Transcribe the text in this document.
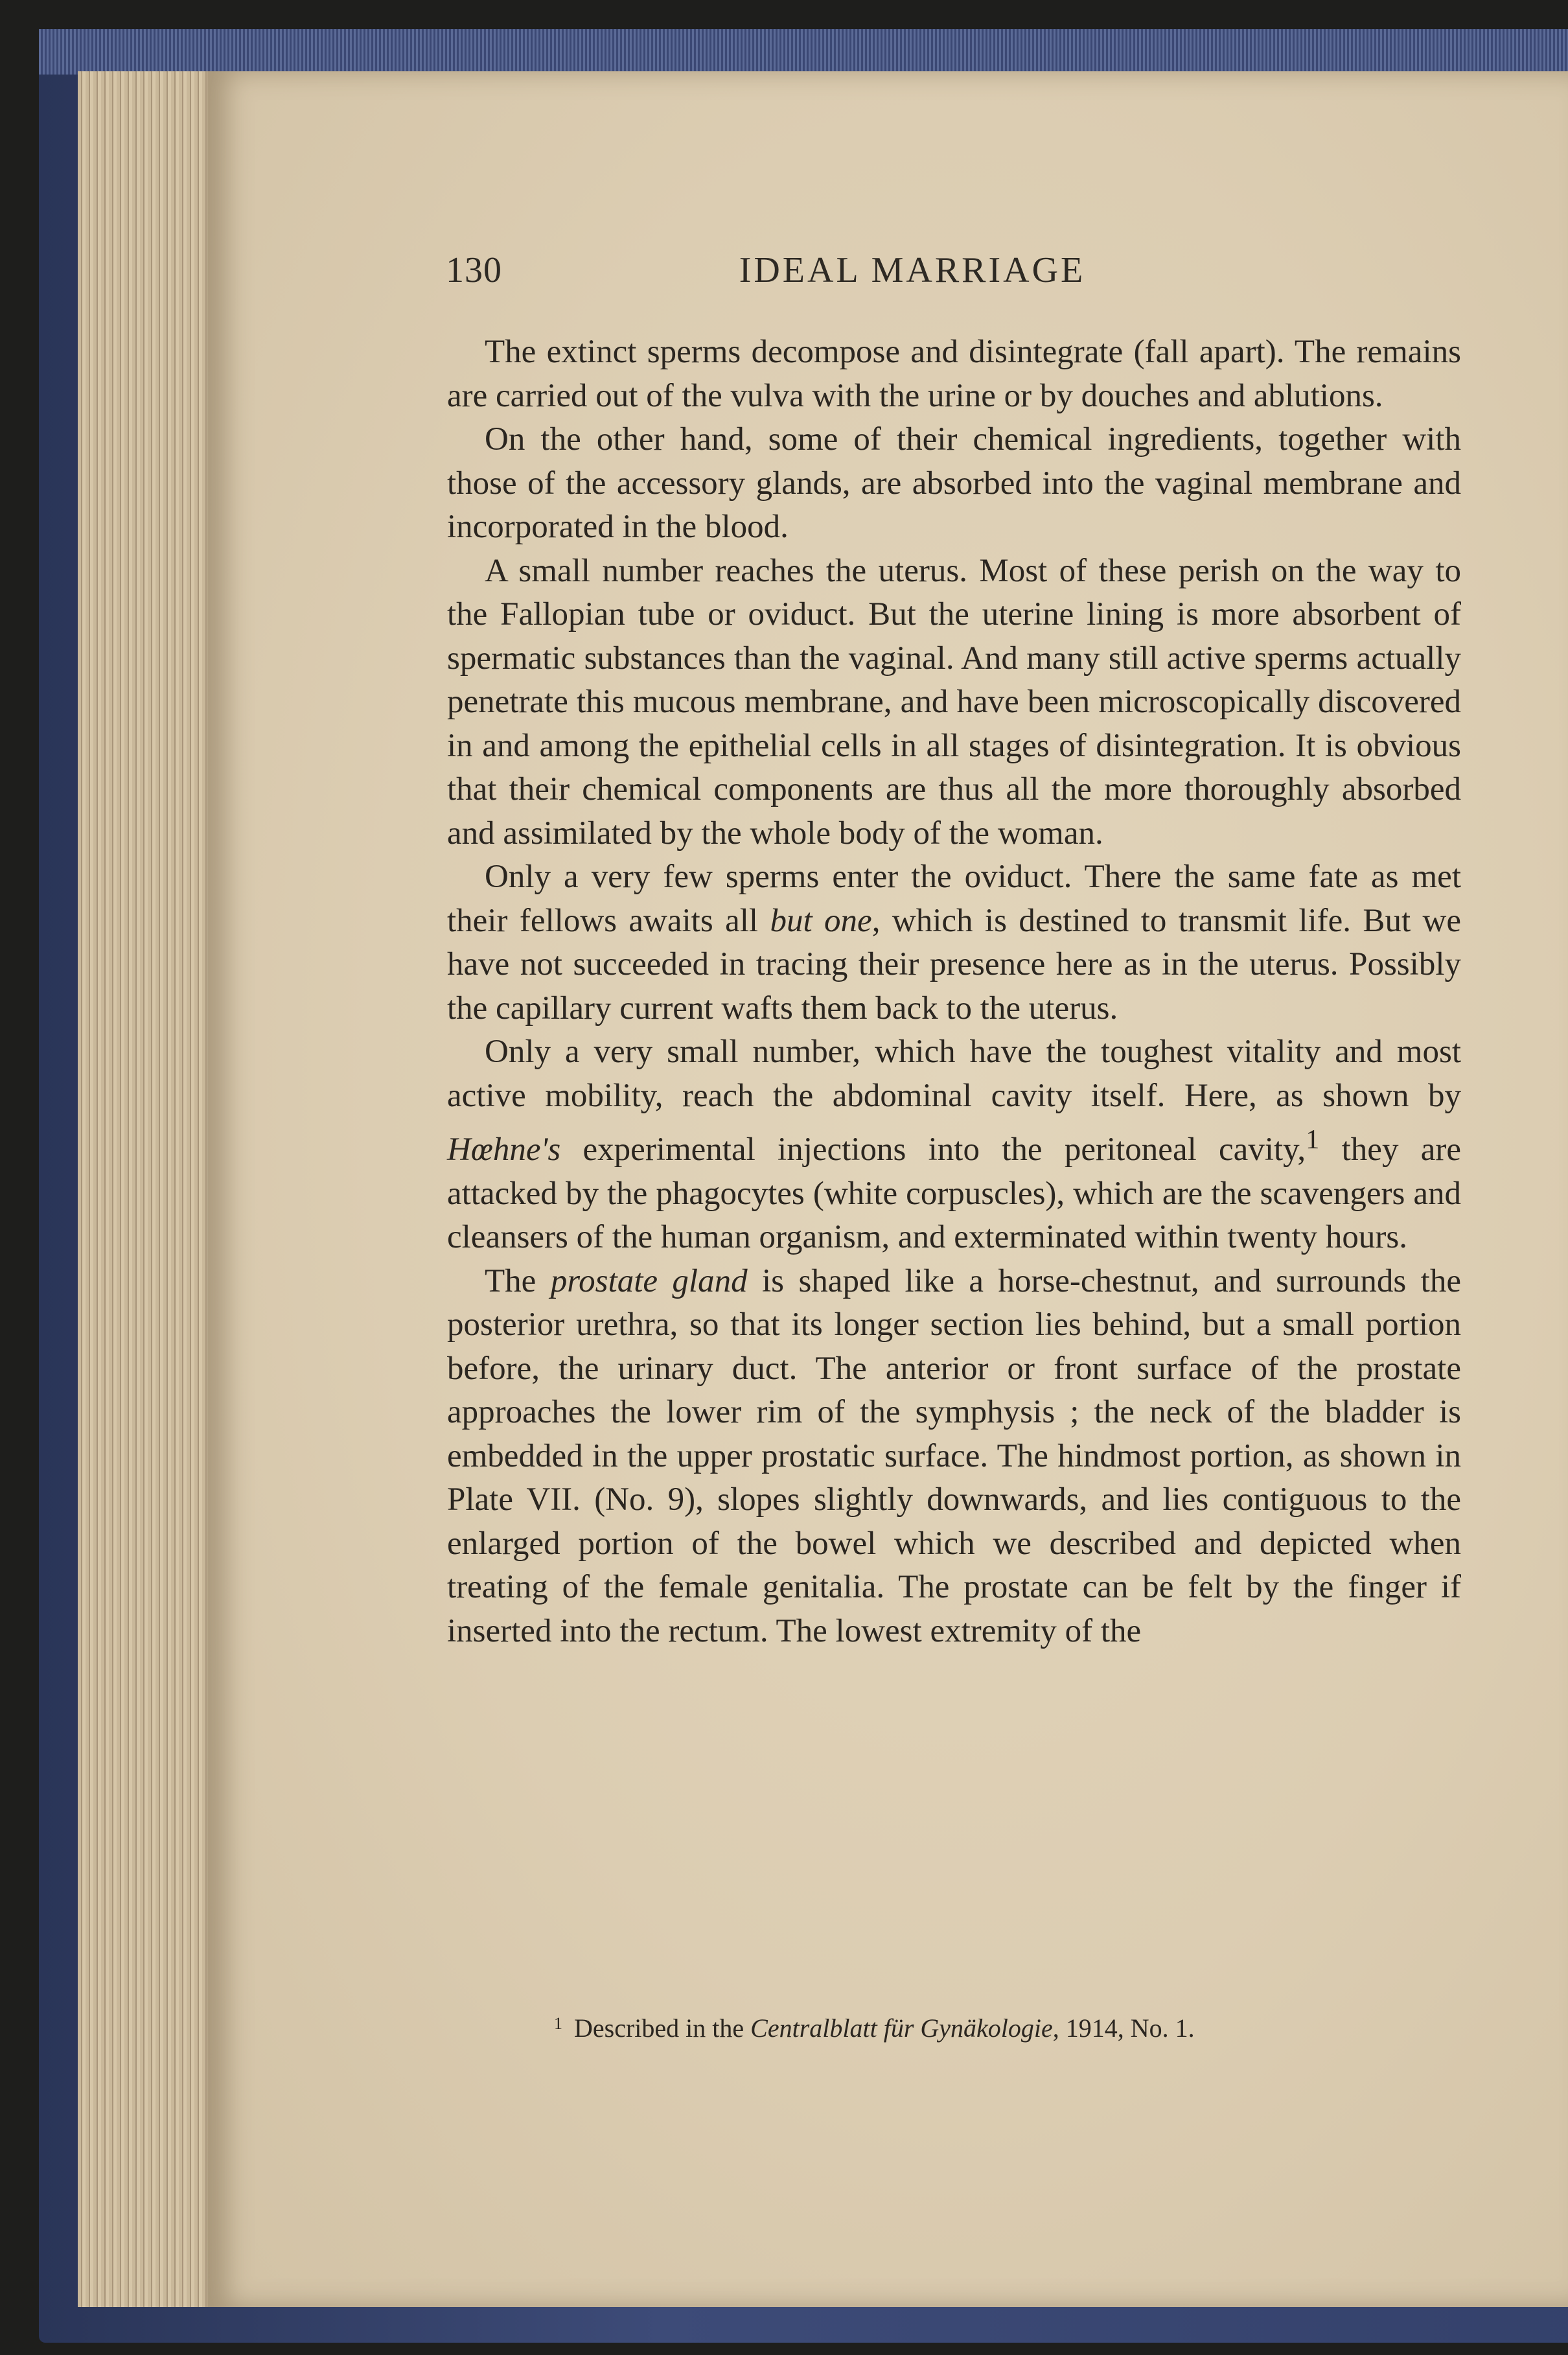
130	IDEAL MARRIAGE

The extinct sperms decompose and disintegrate (fall apart). The remains are carried out of the vulva with the urine or by douches and ablutions.

On the other hand, some of their chemical ingredients, together with those of the accessory glands, are absorbed into the vaginal membrane and incorporated in the blood.

A small number reaches the uterus. Most of these perish on the way to the Fallopian tube or oviduct. But the uterine lining is more absorbent of spermatic substances than the vaginal. And many still active sperms actually penetrate this mucous membrane, and have been microscopically discovered in and among the epithelial cells in all stages of disintegration. It is obvious that their chemical components are thus all the more thoroughly absorbed and assimilated by the whole body of the woman.

Only a very few sperms enter the oviduct. There the same fate as met their fellows awaits all but one, which is destined to transmit life. But we have not succeeded in tracing their presence here as in the uterus. Possibly the capillary current wafts them back to the uterus.

Only a very small number, which have the toughest vitality and most active mobility, reach the abdominal cavity itself. Here, as shown by Hœhne's experimental injections into the peritoneal cavity,$^1$ they are attacked by the phagocytes (white corpuscles), which are the scavengers and cleansers of the human organism, and exterminated within twenty hours.

The prostate gland is shaped like a horse-chestnut, and surrounds the posterior urethra, so that its longer section lies behind, but a small portion before, the urinary duct. The anterior or front surface of the prostate approaches the lower rim of the symphysis ; the neck of the bladder is embedded in the upper prostatic surface. The hindmost portion, as shown in Plate VII. (No. 9), slopes slightly downwards, and lies contiguous to the enlarged portion of the bowel which we described and depicted when treating of the female genitalia. The prostate can be felt by the finger if inserted into the rectum. The lowest extremity of the

$^1$ Described in the Centralblatt für Gynäkologie, 1914, No. 1.
